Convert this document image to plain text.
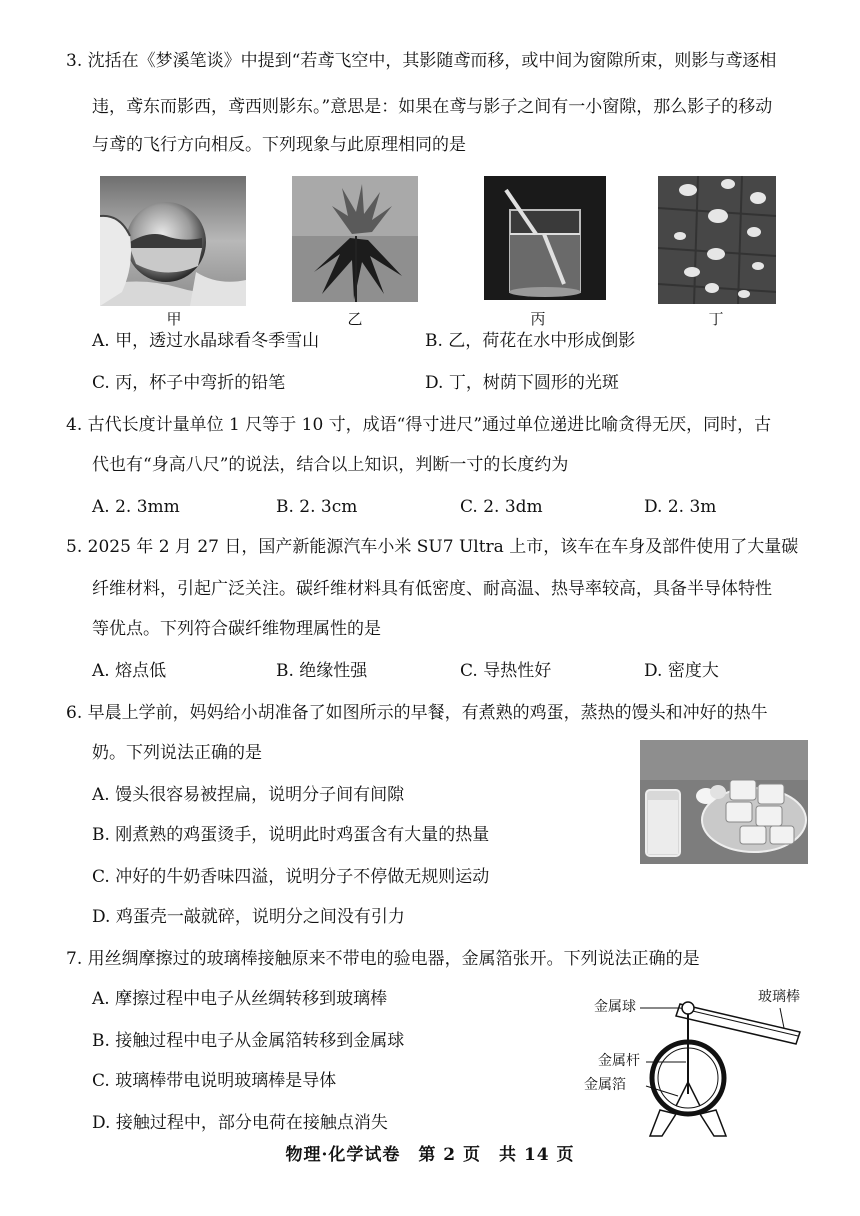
3. 沈括在《梦溪笔谈》中提到“若鸢飞空中，其影随鸢而移，或中间为窗隙所束，则影与鸢逐相
违，鸢东而影西，鸢西则影东。”意思是：如果在鸢与影子之间有一小窗隙，那么影子的移动
与鸢的飞行方向相反。下列现象与此原理相同的是
甲	乙	丙	丁
A. 甲，透过水晶球看冬季雪山	B. 乙，荷花在水中形成倒影
C. 丙，杯子中弯折的铅笔	D. 丁，树荫下圆形的光斑
4. 古代长度计量单位 1 尺等于 10 寸，成语“得寸进尺”通过单位递进比喻贪得无厌，同时，古
代也有“身高八尺”的说法，结合以上知识，判断一寸的长度约为
A. 2. 3mm	B. 2. 3cm	C. 2. 3dm	D. 2. 3m
5. 2025 年 2 月 27 日，国产新能源汽车小米 SU7 Ultra 上市，该车在车身及部件使用了大量碳
纤维材料，引起广泛关注。碳纤维材料具有低密度、耐高温、热导率较高，具备半导体特性
等优点。下列符合碳纤维物理属性的是
A. 熔点低	B. 绝缘性强	C. 导热性好	D. 密度大
6. 早晨上学前，妈妈给小胡准备了如图所示的早餐，有煮熟的鸡蛋，蒸热的馒头和冲好的热牛
奶。下列说法正确的是
A. 馒头很容易被捏扁，说明分子间有间隙
B. 刚煮熟的鸡蛋烫手，说明此时鸡蛋含有大量的热量
C. 冲好的牛奶香味四溢，说明分子不停做无规则运动
D. 鸡蛋壳一敲就碎，说明分之间没有引力
7. 用丝绸摩擦过的玻璃棒接触原来不带电的验电器，金属箔张开。下列说法正确的是
A. 摩擦过程中电子从丝绸转移到玻璃棒
B. 接触过程中电子从金属箔转移到金属球
C. 玻璃棒带电说明玻璃棒是导体
D. 接触过程中，部分电荷在接触点消失
金属球
玻璃棒
金属杆
金属箔
物理·化学试卷　第 2 页　共 14 页
